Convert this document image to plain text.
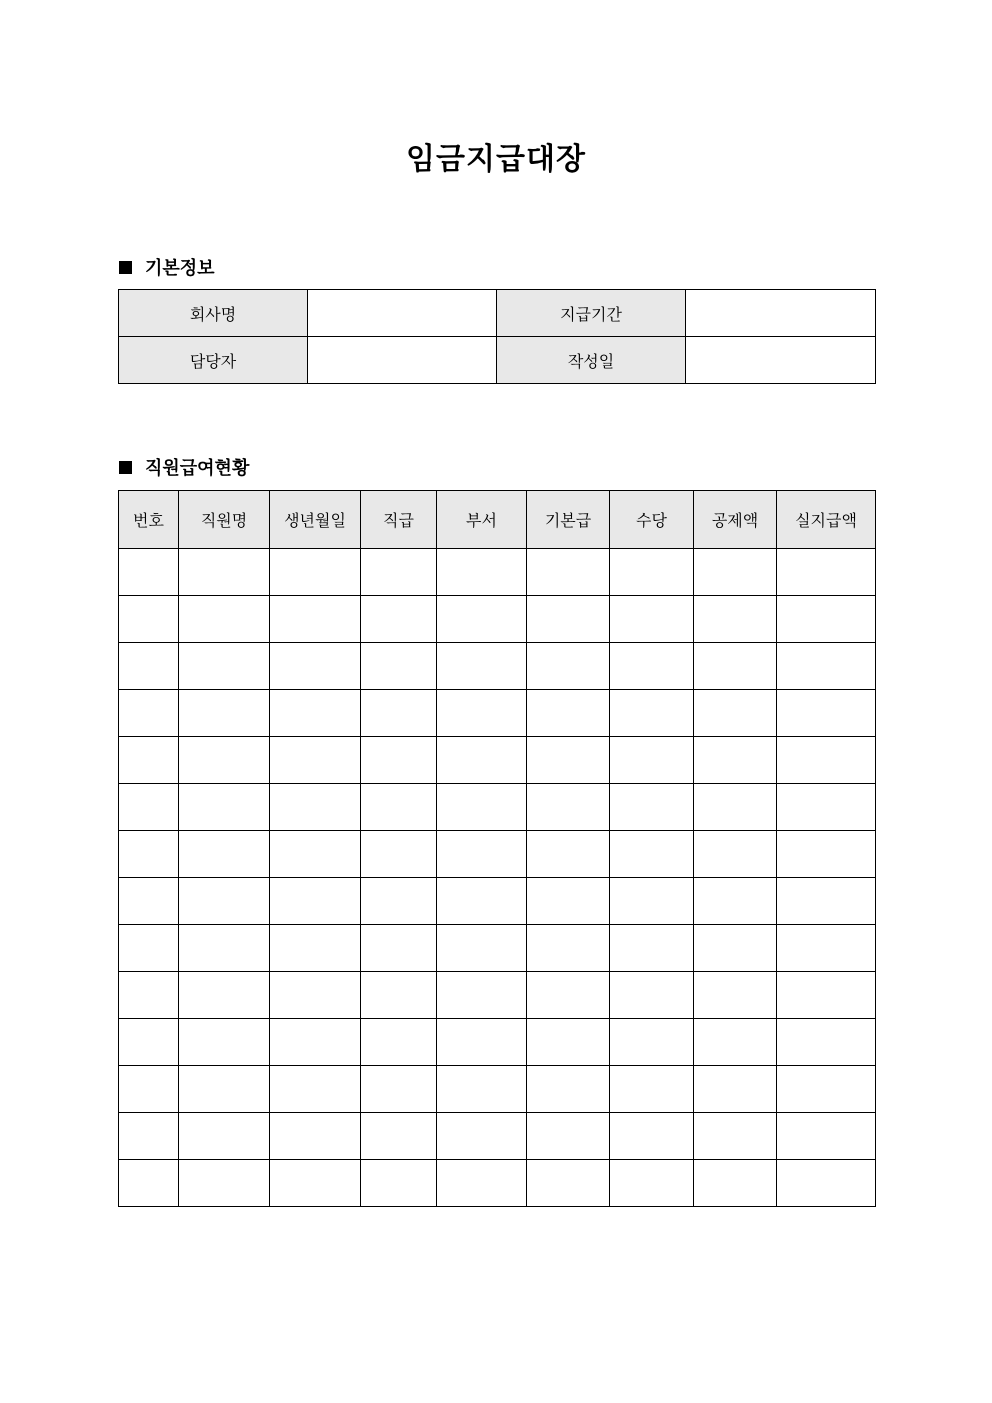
임금지급대장
기본정보
회사명		지급기간	
담당자		작성일	
직원급여현황
번호	직원명	생년월일	직급	부서	기본급	수당	공제액	실지급액
